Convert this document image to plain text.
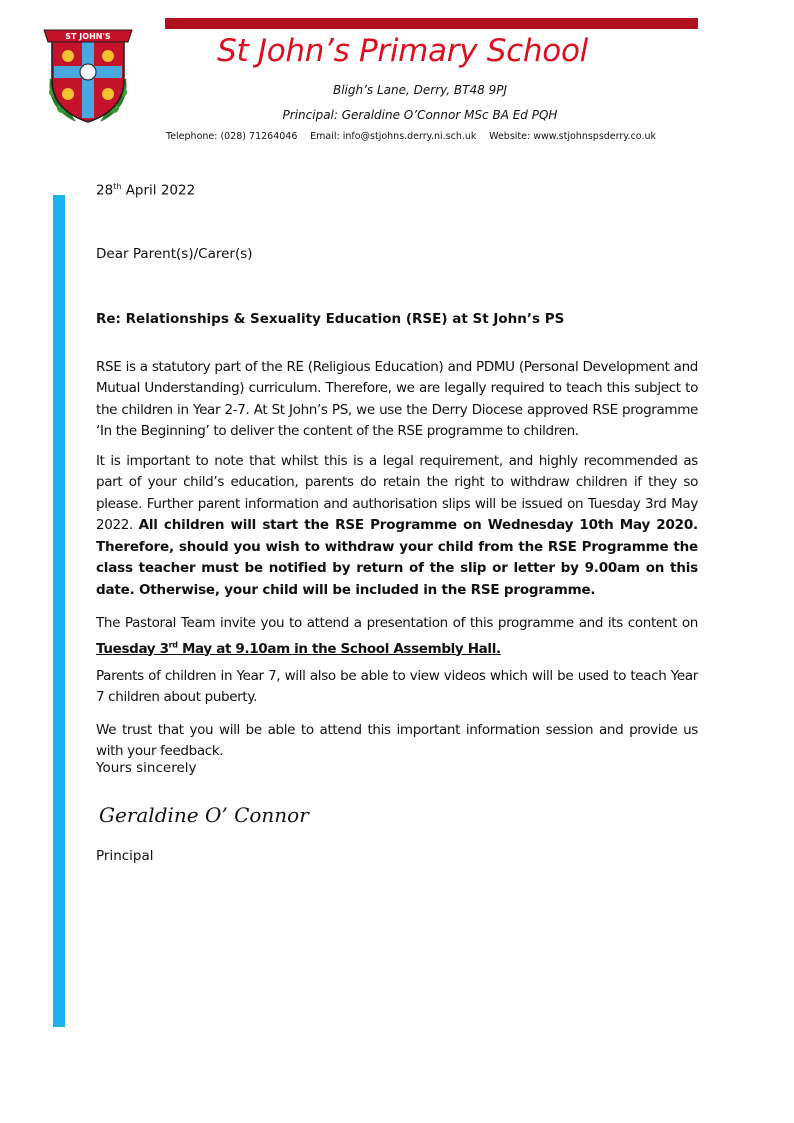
ST JOHN'S	St John’s Primary School
Bligh’s Lane, Derry, BT48 9PJ
Principal: Geraldine O’Connor MSc BA Ed PQH
Telephone: (028) 71264046 Email: info@stjohns.derry.ni.sch.uk Website: www.stjohnspsderry.co.uk
28th April 2022
Dear Parent(s)/Carer(s)
Re: Relationships & Sexuality Education (RSE) at St John’s PS

RSE is a statutory part of the RE (Religious Education) and PDMU (Personal Development and Mutual Understanding) curriculum. Therefore, we are legally required to teach this subject to the children in Year 2-7. At St John’s PS, we use the Derry Diocese approved RSE programme ‘In the Beginning’ to deliver the content of the RSE programme to children.

It is important to note that whilst this is a legal requirement, and highly recommended as part of your child’s education, parents do retain the right to withdraw children if they so please. Further parent information and authorisation slips will be issued on Tuesday 3rd May 2022. All children will start the RSE Programme on Wednesday 10th May 2020. Therefore, should you wish to withdraw your child from the RSE Programme the class teacher must be notified by return of the slip or letter by 9.00am on this date. Otherwise, your child will be included in the RSE programme.

The Pastoral Team invite you to attend a presentation of this programme and its content on Tuesday 3rd May at 9.10am in the School Assembly Hall.

Parents of children in Year 7, will also be able to view videos which will be used to teach Year 7 children about puberty.

We trust that you will be able to attend this important information session and provide us with your feedback.

Yours sincerely
Geraldine O’ Connor
Principal
